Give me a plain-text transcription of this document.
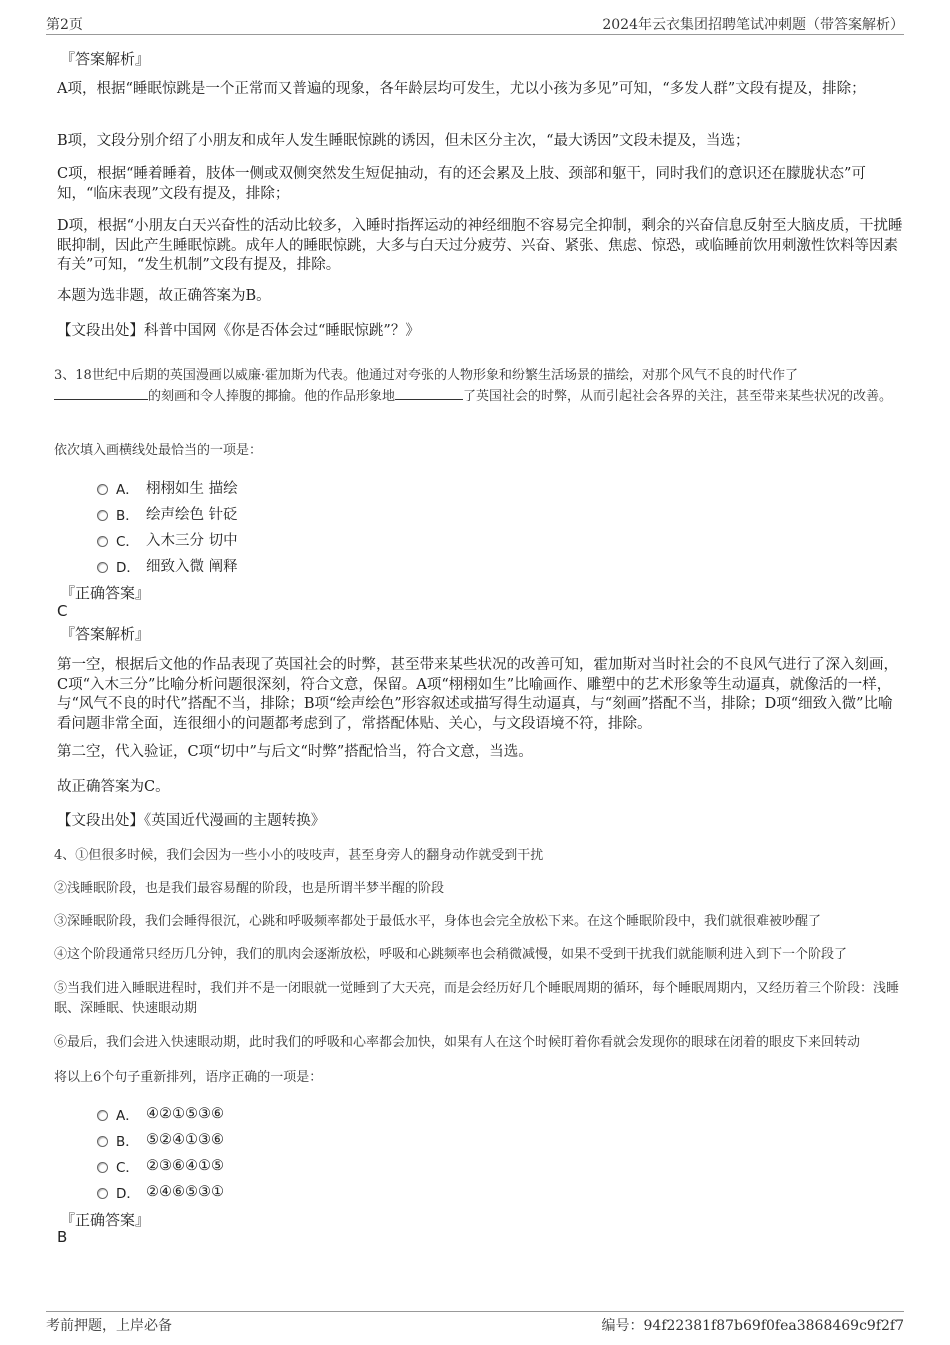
第2页	2024年云衣集团招聘笔试冲刺题（带答案解析）
『答案解析』
A项，根据“睡眠惊跳是一个正常而又普遍的现象，各年龄层均可发生，尤以小孩为多见”可知，“多发人群”文段有提及，排除；
B项，文段分别介绍了小朋友和成年人发生睡眠惊跳的诱因，但未区分主次，“最大诱因”文段未提及，当选；
C项，根据“睡着睡着，肢体一侧或双侧突然发生短促抽动，有的还会累及上肢、颈部和躯干，同时我们的意识还在朦胧状态”可知，“临床表现”文段有提及，排除；
D项，根据“小朋友白天兴奋性的活动比较多，入睡时指挥运动的神经细胞不容易完全抑制，剩余的兴奋信息反射至大脑皮质，干扰睡眠抑制，因此产生睡眠惊跳。成年人的睡眠惊跳，大多与白天过分疲劳、兴奋、紧张、焦虑、惊恐，或临睡前饮用刺激性饮料等因素有关”可知，“发生机制”文段有提及，排除。
本题为选非题，故正确答案为B。
【文段出处】科普中国网《你是否体会过“睡眠惊跳”？》
3、18世纪中后期的英国漫画以威廉·霍加斯为代表。他通过对夸张的人物形象和纷繁生活场景的描绘，对那个风气不良的时代作了
的刻画和令人捧腹的揶揄。他的作品形象地	了英国社会的时弊，从而引起社会各界的关注，甚至带来某些状况的改善。
依次填入画横线处最恰当的一项是：
A． 栩栩如生 描绘
B． 绘声绘色 针砭
C． 入木三分 切中
D． 细致入微 阐释
『正确答案』
C
『答案解析』
第一空，根据后文他的作品表现了英国社会的时弊，甚至带来某些状况的改善可知，霍加斯对当时社会的不良风气进行了深入刻画，C项“入木三分”比喻分析问题很深刻，符合文意，保留。A项“栩栩如生”比喻画作、雕塑中的艺术形象等生动逼真，就像活的一样，与“风气不良的时代”搭配不当，排除；B项“绘声绘色”形容叙述或描写得生动逼真，与“刻画”搭配不当，排除；D项“细致入微”比喻看问题非常全面，连很细小的问题都考虑到了，常搭配体贴、关心，与文段语境不符，排除。
第二空，代入验证，C项“切中”与后文“时弊”搭配恰当，符合文意，当选。
故正确答案为C。
【文段出处】《英国近代漫画的主题转换》
4、①但很多时候，我们会因为一些小小的吱吱声，甚至身旁人的翻身动作就受到干扰
②浅睡眠阶段，也是我们最容易醒的阶段，也是所谓半梦半醒的阶段
③深睡眠阶段，我们会睡得很沉，心跳和呼吸频率都处于最低水平，身体也会完全放松下来。在这个睡眠阶段中，我们就很难被吵醒了
④这个阶段通常只经历几分钟，我们的肌肉会逐渐放松，呼吸和心跳频率也会稍微减慢，如果不受到干扰我们就能顺利进入到下一个阶段了
⑤当我们进入睡眠进程时，我们并不是一闭眼就一觉睡到了大天亮，而是会经历好几个睡眠周期的循环，每个睡眠周期内，又经历着三个阶段：浅睡眠、深睡眠、快速眼动期
⑥最后，我们会进入快速眼动期，此时我们的呼吸和心率都会加快，如果有人在这个时候盯着你看就会发现你的眼球在闭着的眼皮下来回转动
将以上6个句子重新排列，语序正确的一项是：
A． ④②①⑤③⑥
B． ⑤②④①③⑥
C． ②③⑥④①⑤
D． ②④⑥⑤③①
『正确答案』
B
考前押题，上岸必备	编号：94f22381f87b69f0fea3868469c9f2f7
